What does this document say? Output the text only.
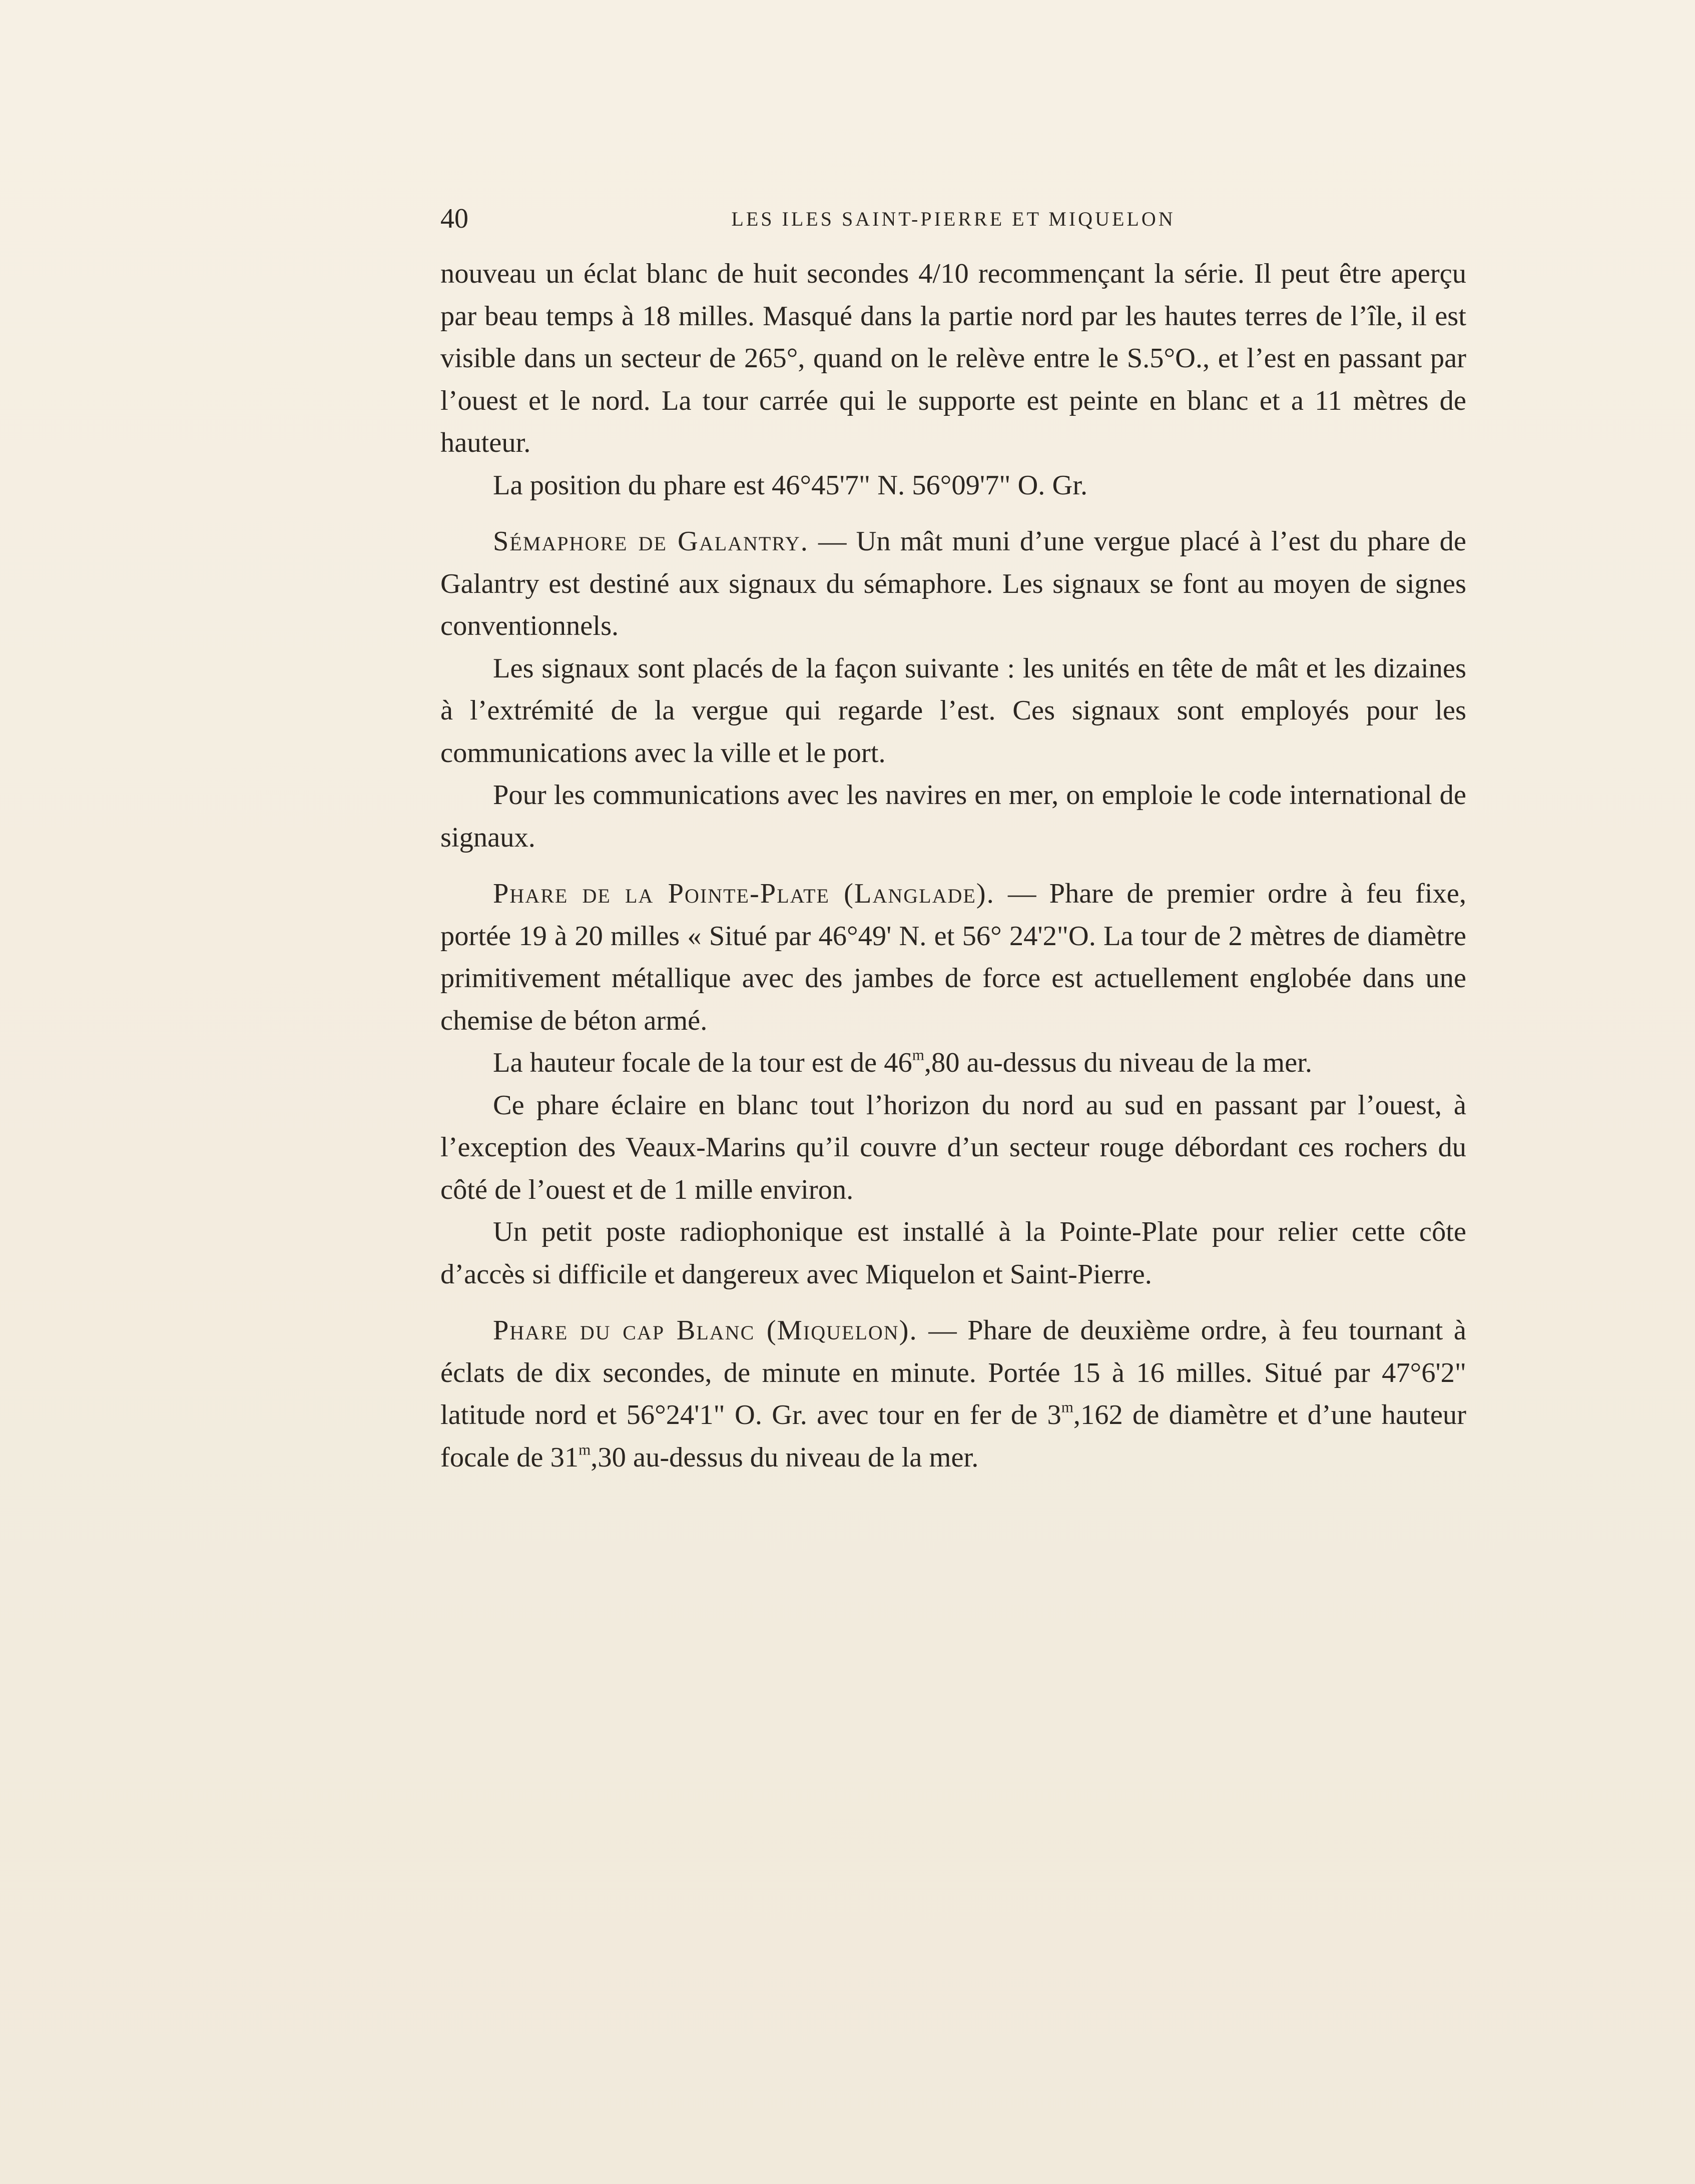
40	LES ILES SAINT-PIERRE ET MIQUELON

nouveau un éclat blanc de huit secondes 4/10 recommençant la série. Il peut être aperçu par beau temps à 18 milles. Masqué dans la partie nord par les hautes terres de l’île, il est visible dans un secteur de 265°, quand on le relève entre le S.5°O., et l’est en passant par l’ouest et le nord. La tour carrée qui le supporte est peinte en blanc et a 11 mètres de hauteur.

La position du phare est 46°45'7" N. 56°09'7" O. Gr.

Sémaphore de Galantry. — Un mât muni d’une vergue placé à l’est du phare de Galantry est destiné aux signaux du sémaphore. Les signaux se font au moyen de signes conventionnels.

Les signaux sont placés de la façon suivante : les unités en tête de mât et les dizaines à l’extrémité de la vergue qui regarde l’est. Ces signaux sont employés pour les communications avec la ville et le port.

Pour les communications avec les navires en mer, on emploie le code international de signaux.

Phare de la Pointe-Plate (Langlade). — Phare de premier ordre à feu fixe, portée 19 à 20 milles « Situé par 46°49' N. et 56° 24'2"O. La tour de 2 mètres de diamètre primitivement métallique avec des jambes de force est actuellement englobée dans une chemise de béton armé.

La hauteur focale de la tour est de 46$^m$,80 au-dessus du niveau de la mer.

Ce phare éclaire en blanc tout l’horizon du nord au sud en passant par l’ouest, à l’exception des Veaux-Marins qu’il couvre d’un secteur rouge débordant ces rochers du côté de l’ouest et de 1 mille environ.

Un petit poste radiophonique est installé à la Pointe-Plate pour relier cette côte d’accès si difficile et dangereux avec Miquelon et Saint-Pierre.

Phare du cap Blanc (Miquelon). — Phare de deuxième ordre, à feu tournant à éclats de dix secondes, de minute en minute. Portée 15 à 16 milles. Situé par 47°6'2" latitude nord et 56°24'1" O. Gr. avec tour en fer de 3$^m$,162 de diamètre et d’une hauteur focale de 31$^m$,30 au-dessus du niveau de la mer.
